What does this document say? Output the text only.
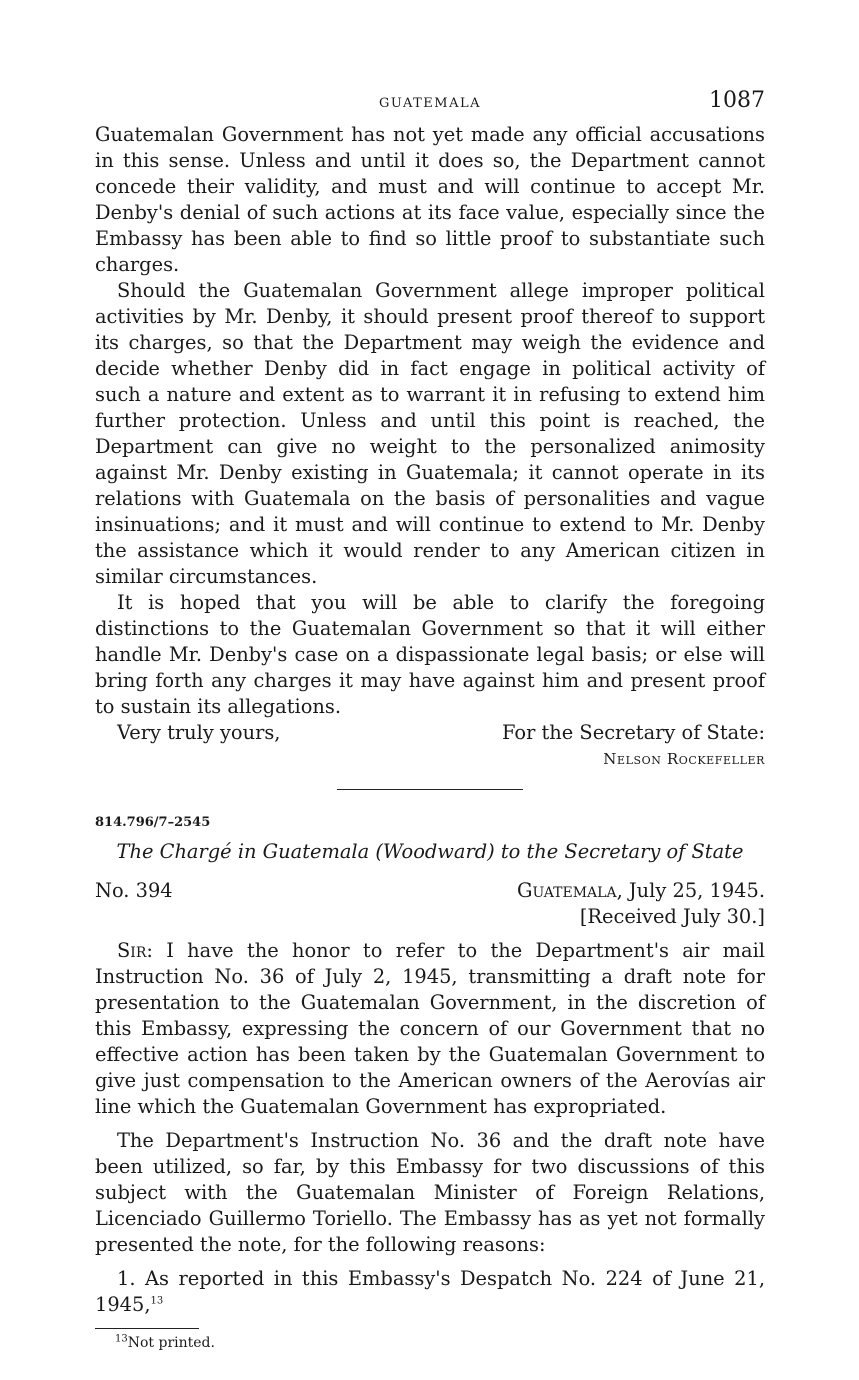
GUATEMALA	1087

Guatemalan Government has not yet made any official accusations in this sense. Unless and until it does so, the Department cannot concede their validity, and must and will continue to accept Mr. Denby's denial of such actions at its face value, especially since the Embassy has been able to find so little proof to substantiate such charges.

Should the Guatemalan Government allege improper political activities by Mr. Denby, it should present proof thereof to support its charges, so that the Department may weigh the evidence and decide whether Denby did in fact engage in political activity of such a nature and extent as to warrant it in refusing to extend him further protection. Unless and until this point is reached, the Department can give no weight to the personalized animosity against Mr. Denby existing in Guatemala; it cannot operate in its relations with Guatemala on the basis of personalities and vague insinuations; and it must and will continue to extend to Mr. Denby the assistance which it would render to any American citizen in similar circumstances.

It is hoped that you will be able to clarify the foregoing distinctions to the Guatemalan Government so that it will either handle Mr. Denby's case on a dispassionate legal basis; or else will bring forth any charges it may have against him and present proof to sustain its allegations.

Very truly yours,	For the Secretary of State:
Nelson Rockefeller
814.796/7–2545
The Chargé in Guatemala (Woodward) to the Secretary of State
No. 394	Guatemala, July 25, 1945.
[Received July 30.]

Sir: I have the honor to refer to the Department's air mail Instruction No. 36 of July 2, 1945, transmitting a draft note for presentation to the Guatemalan Government, in the discretion of this Embassy, expressing the concern of our Government that no effective action has been taken by the Guatemalan Government to give just compensation to the American owners of the Aerovías air line which the Guatemalan Government has expropriated.

The Department's Instruction No. 36 and the draft note have been utilized, so far, by this Embassy for two discussions of this subject with the Guatemalan Minister of Foreign Relations, Licenciado Guillermo Toriello. The Embassy has as yet not formally presented the note, for the following reasons:

1. As reported in this Embassy's Despatch No. 224 of June 21, 1945,13

$^{13}$Not printed.
